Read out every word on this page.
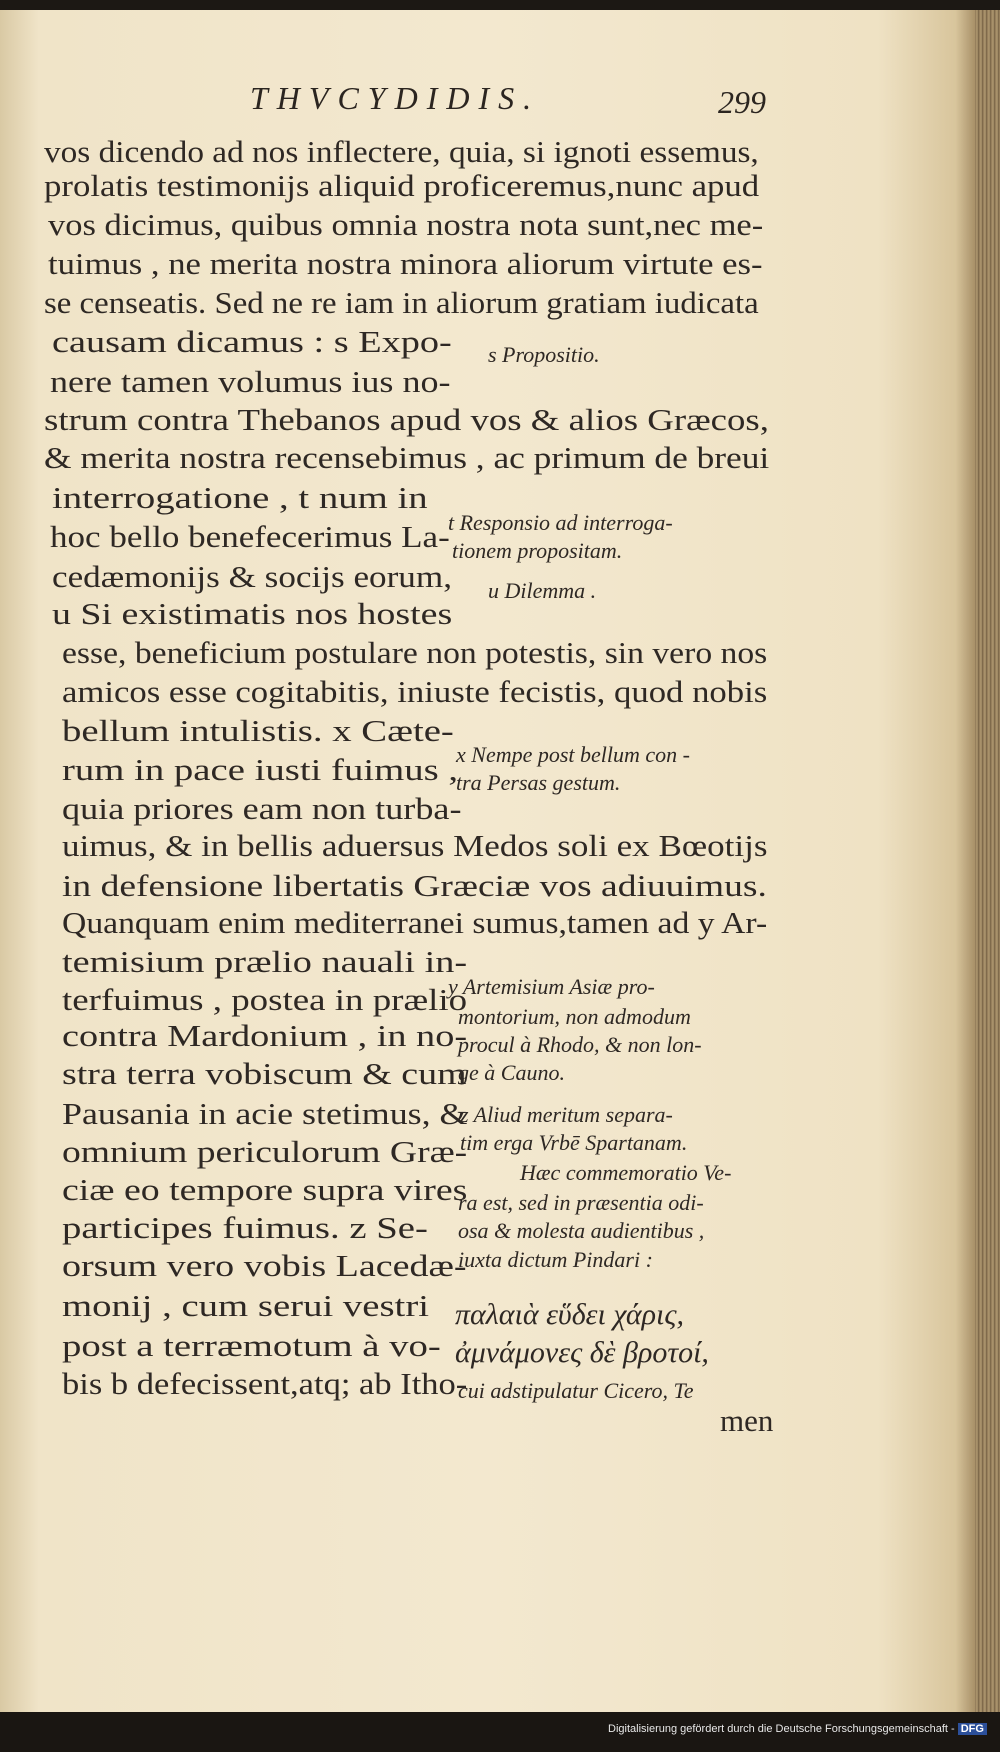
THVCYDIDIS.	299
vos dicendo ad nos inflectere, quia, si ignoti essemus,
prolatis testimonijs aliquid proficeremus,nunc apud
vos dicimus, quibus omnia nostra nota sunt,nec me-
tuimus , ne merita nostra minora aliorum virtute es-
se censeatis. Sed ne re iam in aliorum gratiam iudicata
causam dicamus : s Expo-
nere tamen volumus ius no-
strum contra Thebanos apud vos & alios Græcos,
& merita nostra recensebimus , ac primum de breui
interrogatione , t num in
hoc bello benefecerimus La-
cedæmonijs & socijs eorum,
u Si existimatis nos hostes
esse, beneficium postulare non potestis, sin vero nos
amicos esse cogitabitis, iniuste fecistis, quod nobis
bellum intulistis. x Cæte-
rum in pace iusti fuimus ,
quia priores eam non turba-
uimus, & in bellis aduersus Medos soli ex Bœotijs
in defensione libertatis Græciæ vos adiuuimus.
Quanquam enim mediterranei sumus,tamen ad y Ar-
temisium prælio nauali in-
terfuimus , postea in prælio
contra Mardonium , in no-
stra terra vobiscum & cum
Pausania in acie stetimus, &
omnium periculorum Græ-
ciæ eo tempore supra vires
participes fuimus. z Se-
orsum vero vobis Lacedæ-
monij , cum serui vestri
post a terræmotum à vo-
bis b defecissent,atq; ab Itho-
s Propositio.
t Responsio ad interroga-
tionem propositam.
u Dilemma .
x Nempe post bellum con -
tra Persas gestum.
y Artemisium Asiæ pro-
montorium, non admodum
procul à Rhodo, & non lon-
ge à Cauno.
z Aliud meritum separa-
tim erga Vrbē Spartanam.
Hæc commemoratio Ve-
ra est, sed in præsentia odi-
osa & molesta audientibus ,
iuxta dictum Pindari :
cui adstipulatur Cicero, Te
παλαιὰ εὕδει χάρις,
ἀμνάμονες δὲ βροτοί,
men
Digitalisierung gefördert durch die Deutsche Forschungsgemeinschaft - DFG
